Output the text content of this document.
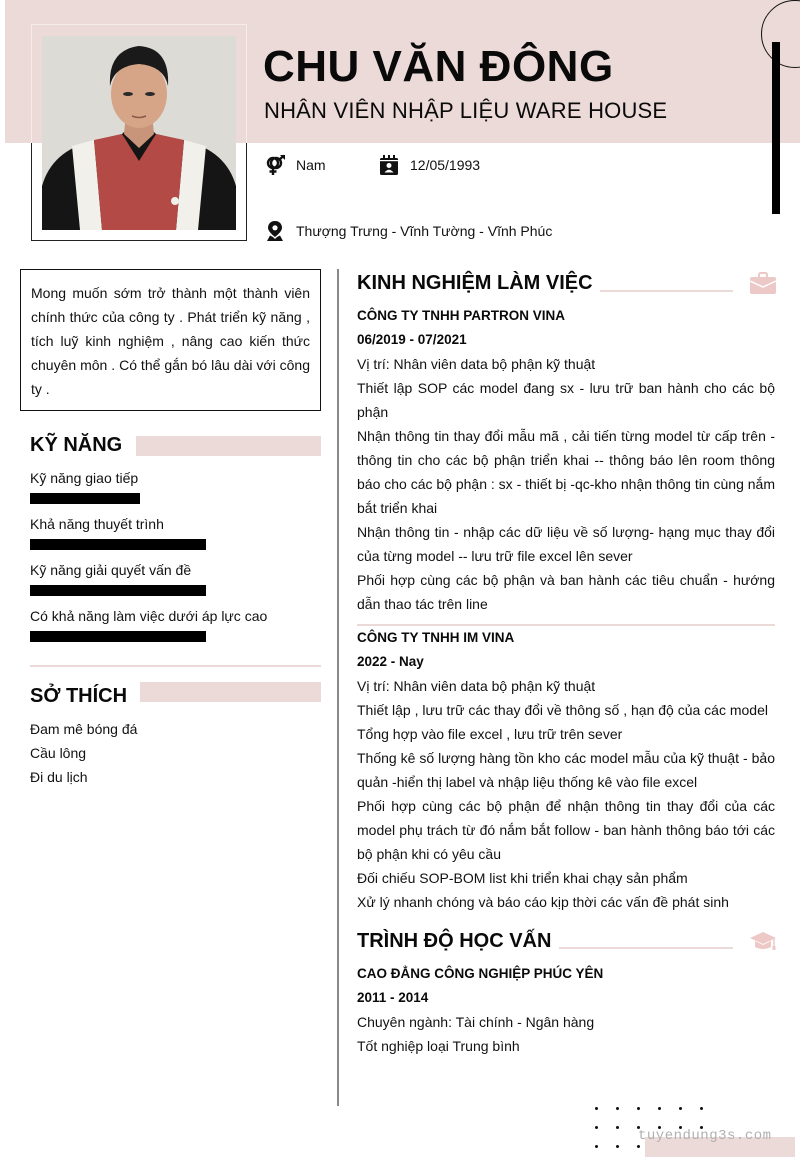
CHU VĂN ĐÔNG
NHÂN VIÊN NHẬP LIỆU WARE HOUSE
Nam	12/05/1993
Thượng Trưng - Vĩnh Tường - Vĩnh Phúc
Mong muốn sớm trở thành một thành viên chính thức của công ty . Phát triển kỹ năng , tích luỹ kinh nghiệm , nâng cao kiến thức chuyên môn . Có thể gắn bó lâu dài với công ty .
KỸ NĂNG
Kỹ năng giao tiếp
Khả năng thuyết trình
Kỹ năng giải quyết vấn đề
Có khả năng làm việc dưới áp lực cao
SỞ THÍCH
Đam mê bóng đá
Cầu lông
Đi du lịch
KINH NGHIỆM LÀM VIỆC
CÔNG TY TNHH PARTRON VINA
06/2019 - 07/2021
Vị trí: Nhân viên data bộ phận kỹ thuật
Thiết lập SOP các model đang sx - lưu trữ ban hành cho các bộ phận
Nhận thông tin thay đổi mẫu mã , cải tiến từng model từ cấp trên - thông tin cho các bộ phận triển khai -- thông báo lên room thông báo cho các bộ phận : sx - thiết bị -qc-kho nhận thông tin cùng nắm bắt triển khai
Nhận thông tin - nhập các dữ liệu về số lượng- hạng mục thay đổi của từng model -- lưu trữ file excel lên sever
Phối hợp cùng các bộ phận và ban hành các tiêu chuẩn - hướng dẫn thao tác trên line
CÔNG TY TNHH IM VINA
2022 - Nay
Vị trí: Nhân viên data bộ phận kỹ thuật
Thiết lập , lưu trữ các thay đổi về thông số , hạn độ của các model
Tổng hợp vào file excel , lưu trữ trên sever
Thống kê số lượng hàng tồn kho các model mẫu của kỹ thuật - bảo quản -hiển thị label và nhập liệu thống kê vào file excel
Phối hợp cùng các bộ phận để nhận thông tin thay đổi của các model phụ trách từ đó nắm bắt follow - ban hành thông báo tới các bộ phận khi có yêu cầu
Đối chiếu SOP-BOM list khi triển khai chạy sản phẩm
Xử lý nhanh chóng và báo cáo kịp thời các vấn đề phát sinh
TRÌNH ĐỘ HỌC VẤN
CAO ĐẲNG CÔNG NGHIỆP PHÚC YÊN
2011 - 2014
Chuyên ngành: Tài chính - Ngân hàng
Tốt nghiệp loại Trung bình
tuyendung3s.com
